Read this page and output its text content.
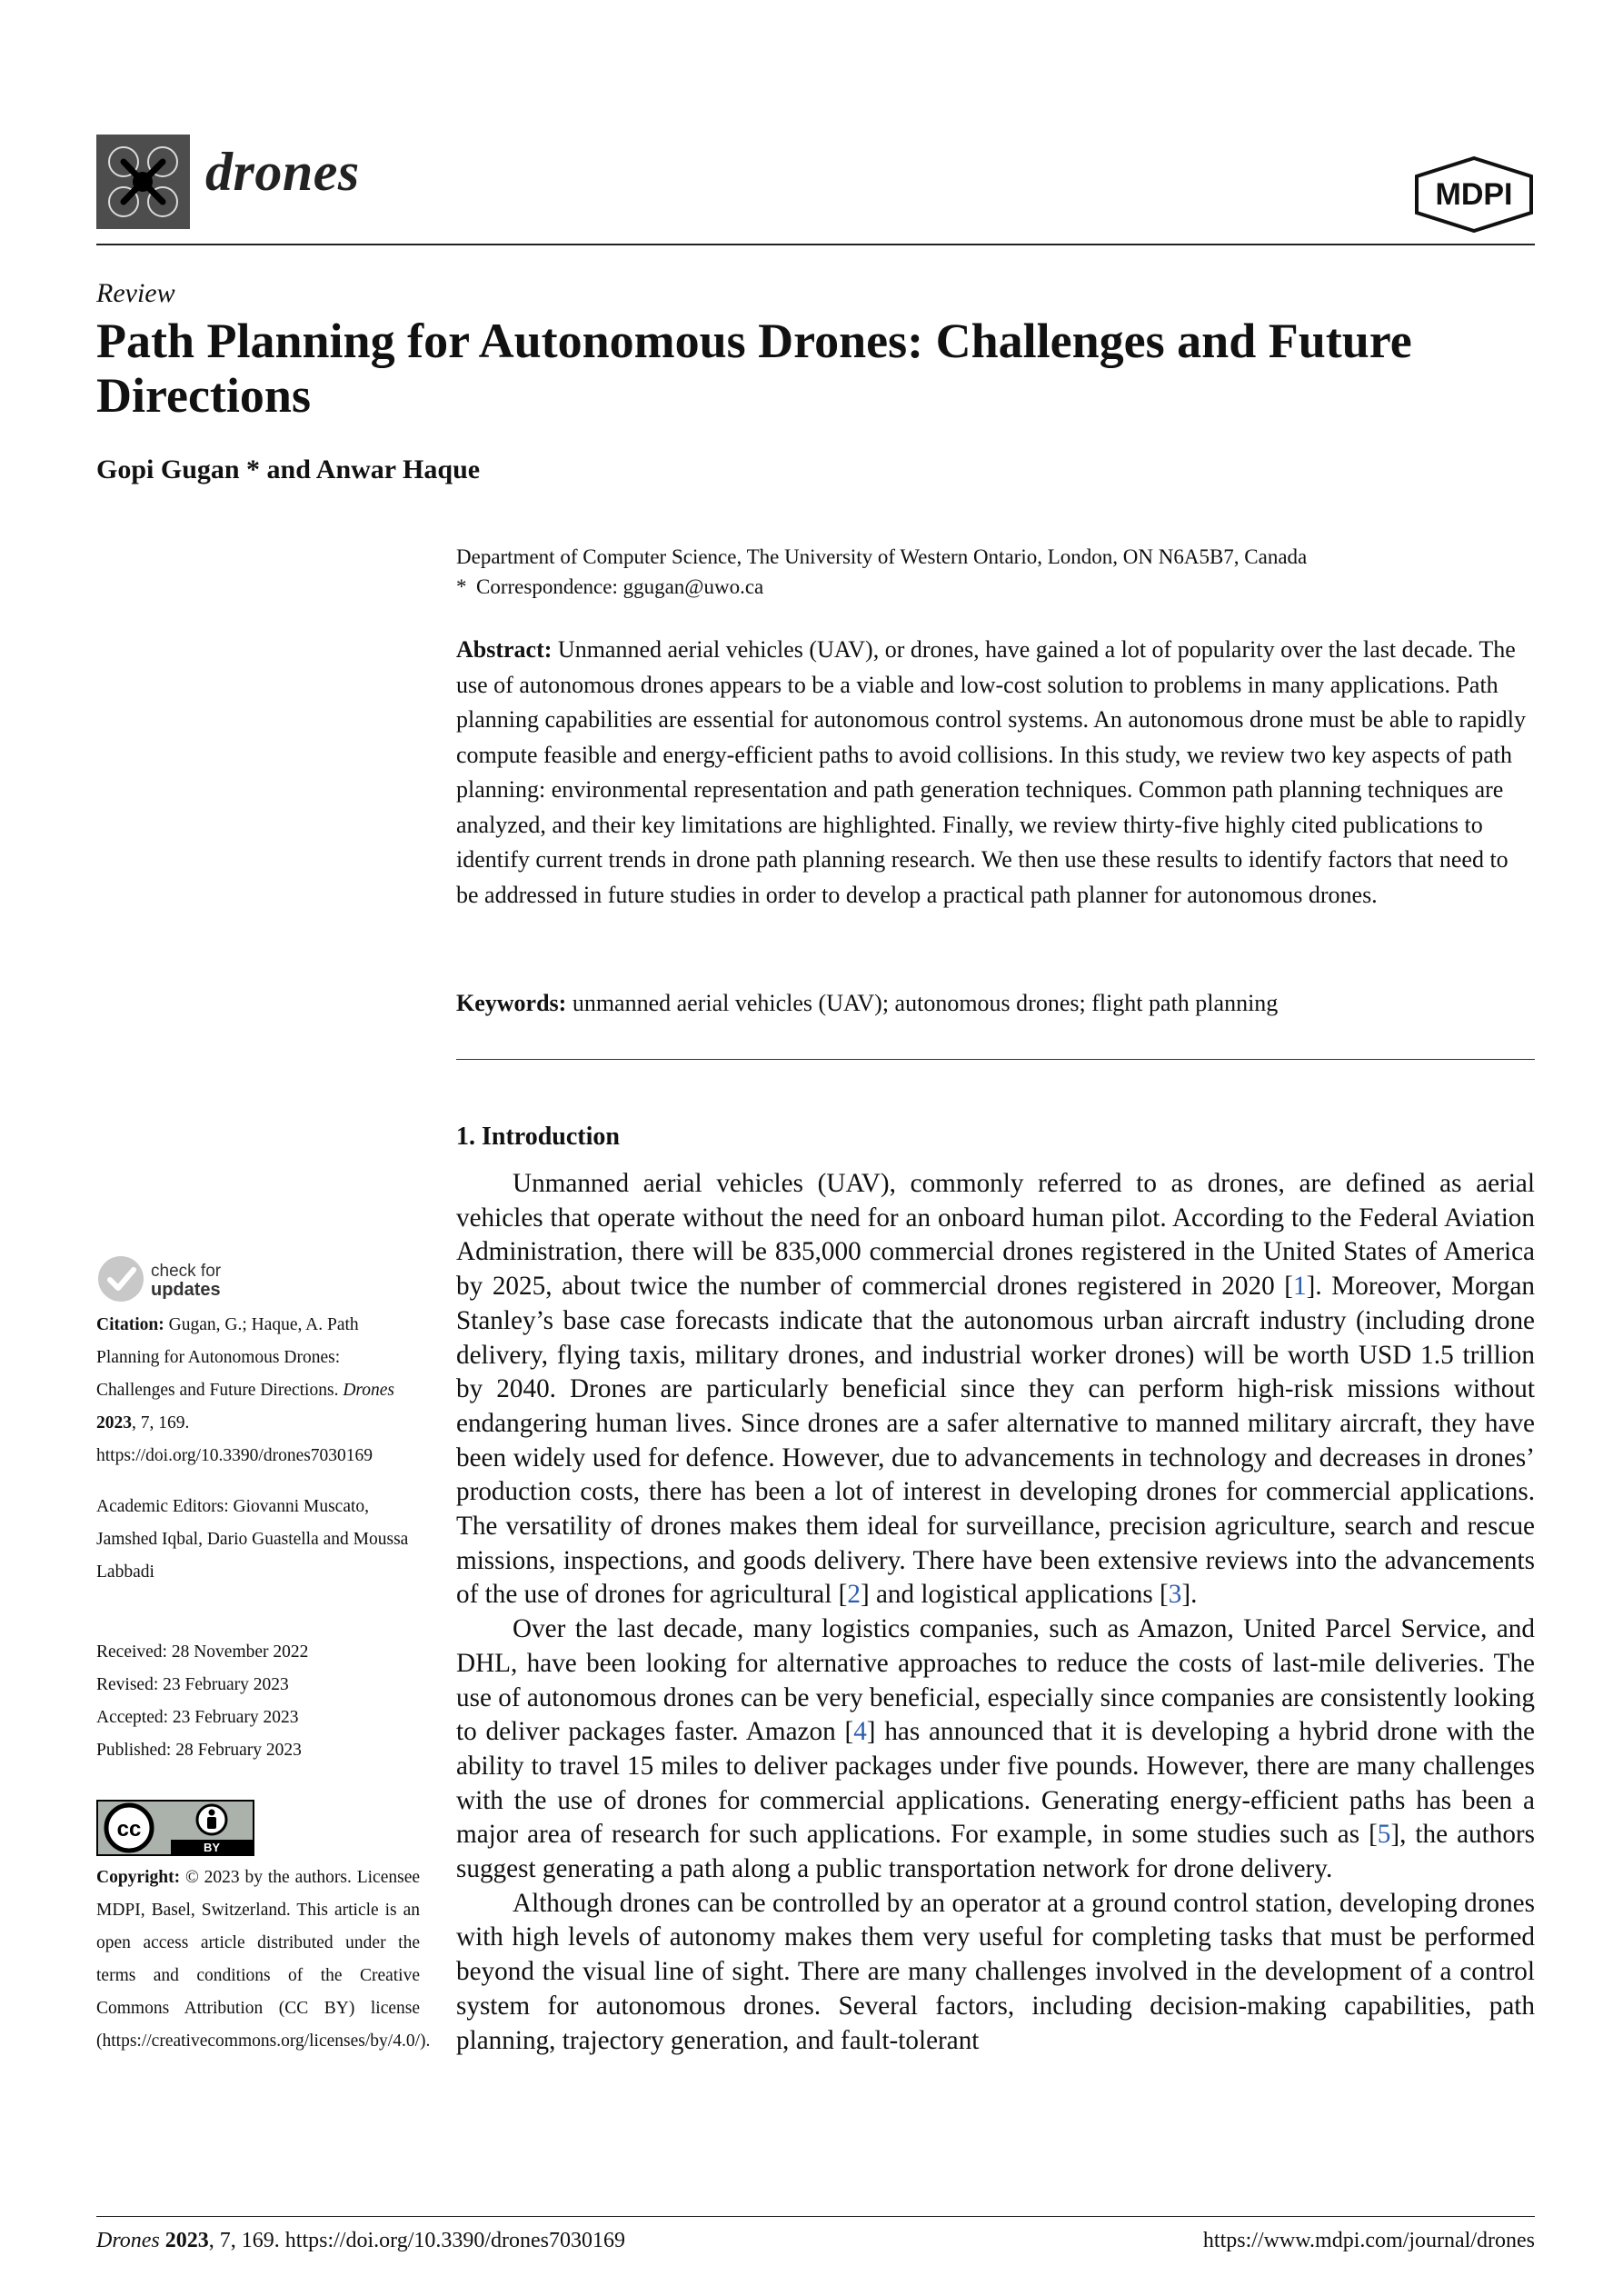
drones	MDPI
Review
Path Planning for Autonomous Drones: Challenges and Future Directions
Gopi Gugan * and Anwar Haque
Department of Computer Science, The University of Western Ontario, London, ON N6A5B7, Canada
* Correspondence: ggugan@uwo.ca

Abstract: Unmanned aerial vehicles (UAV), or drones, have gained a lot of popularity over the last decade. The use of autonomous drones appears to be a viable and low-cost solution to problems in many applications. Path planning capabilities are essential for autonomous control systems. An autonomous drone must be able to rapidly compute feasible and energy-efficient paths to avoid collisions. In this study, we review two key aspects of path planning: environmental representation and path generation techniques. Common path planning techniques are analyzed, and their key limitations are highlighted. Finally, we review thirty-five highly cited publications to identify current trends in drone path planning research. We then use these results to identify factors that need to be addressed in future studies in order to develop a practical path planner for autonomous drones.

Keywords: unmanned aerial vehicles (UAV); autonomous drones; flight path planning

1. Introduction

Unmanned aerial vehicles (UAV), commonly referred to as drones, are defined as aerial vehicles that operate without the need for an onboard human pilot. According to the Federal Aviation Administration, there will be 835,000 commercial drones registered in the United States of America by 2025, about twice the number of commercial drones registered in 2020 [1]. Moreover, Morgan Stanley’s base case forecasts indicate that the autonomous urban aircraft industry (including drone delivery, flying taxis, military drones, and industrial worker drones) will be worth USD 1.5 trillion by 2040. Drones are particularly beneficial since they can perform high-risk missions without endangering human lives. Since drones are a safer alternative to manned military aircraft, they have been widely used for defence. However, due to advancements in technology and decreases in drones’ production costs, there has been a lot of interest in developing drones for commercial applications. The versatility of drones makes them ideal for surveillance, precision agriculture, search and rescue missions, inspections, and goods delivery. There have been extensive reviews into the advancements of the use of drones for agricultural [2] and logistical applications [3].

Over the last decade, many logistics companies, such as Amazon, United Parcel Service, and DHL, have been looking for alternative approaches to reduce the costs of last-mile deliveries. The use of autonomous drones can be very beneficial, especially since companies are consistently looking to deliver packages faster. Amazon [4] has announced that it is developing a hybrid drone with the ability to travel 15 miles to deliver packages under five pounds. However, there are many challenges with the use of drones for commercial applications. Generating energy-efficient paths has been a major area of research for such applications. For example, in some studies such as [5], the authors suggest generating a path along a public transportation network for drone delivery.

Although drones can be controlled by an operator at a ground control station, developing drones with high levels of autonomy makes them very useful for completing tasks that must be performed beyond the visual line of sight. There are many challenges involved in the development of a control system for autonomous drones. Several factors, including decision-making capabilities, path planning, trajectory generation, and fault-tolerant

check for
updates

Citation: Gugan, G.; Haque, A. Path Planning for Autonomous Drones: Challenges and Future Directions. Drones 2023, 7, 169. https://doi.org/10.3390/drones7030169

Academic Editors: Giovanni Muscato, Jamshed Iqbal, Dario Guastella and Moussa Labbadi

Received: 28 November 2022
Revised: 23 February 2023
Accepted: 23 February 2023
Published: 28 February 2023
cc
BY

Copyright: © 2023 by the authors. Licensee MDPI, Basel, Switzerland. This article is an open access article distributed under the terms and conditions of the Creative Commons Attribution (CC BY) license (https://creativecommons.org/licenses/by/4.0/).

Drones 2023, 7, 169. https://doi.org/10.3390/drones7030169	https://www.mdpi.com/journal/drones
